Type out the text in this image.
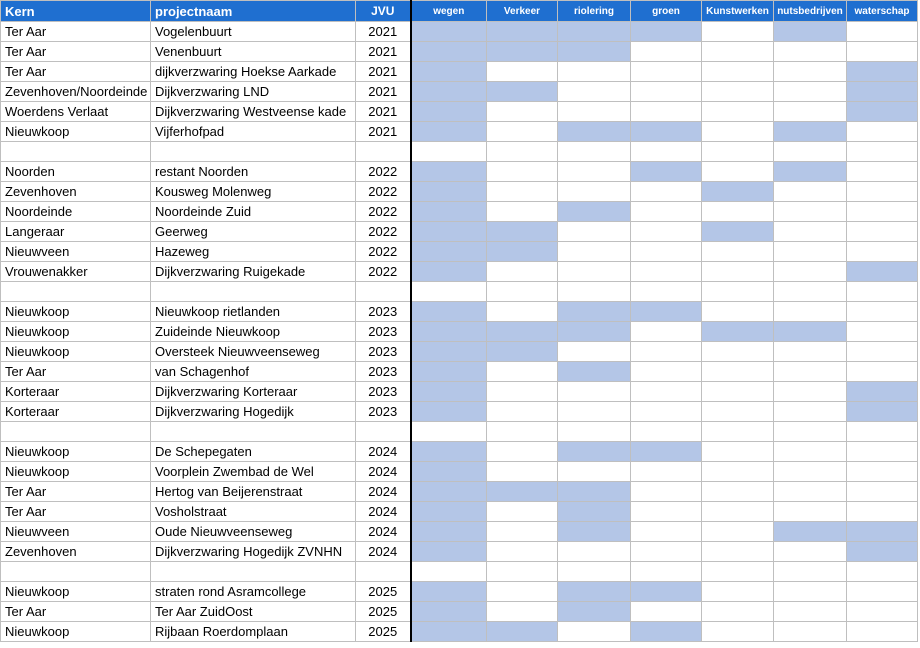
Kern	projectnaam	JVU	wegen	Verkeer	riolering	groen	Kunstwerken	nutsbedrijven	waterschap
Ter Aar	Vogelenbuurt	2021							
Ter Aar	Venenbuurt	2021							
Ter Aar	dijkverzwaring Hoekse Aarkade	2021							
Zevenhoven/Noordeinde	Dijkverzwaring LND	2021							
Woerdens Verlaat	Dijkverzwaring Westveense kade	2021							
Nieuwkoop	Vijferhofpad	2021							

Noorden	restant Noorden	2022							
Zevenhoven	Kousweg Molenweg	2022							
Noordeinde	Noordeinde Zuid	2022							
Langeraar	Geerweg	2022							
Nieuwveen	Hazeweg	2022							
Vrouwenakker	Dijkverzwaring Ruigekade	2022							

Nieuwkoop	Nieuwkoop rietlanden	2023							
Nieuwkoop	Zuideinde Nieuwkoop	2023							
Nieuwkoop	Oversteek Nieuwveenseweg	2023							
Ter Aar	van Schagenhof	2023							
Korteraar	Dijkverzwaring Korteraar	2023							
Korteraar	Dijkverzwaring Hogedijk	2023							

Nieuwkoop	De Schepegaten	2024							
Nieuwkoop	Voorplein Zwembad de Wel	2024							
Ter Aar	Hertog van Beijerenstraat	2024							
Ter Aar	Vosholstraat	2024							
Nieuwveen	Oude Nieuwveenseweg	2024							
Zevenhoven	Dijkverzwaring Hogedijk ZVNHN	2024							

Nieuwkoop	straten rond Asramcollege	2025							
Ter Aar	Ter Aar ZuidOost	2025							
Nieuwkoop	Rijbaan Roerdomplaan	2025							
